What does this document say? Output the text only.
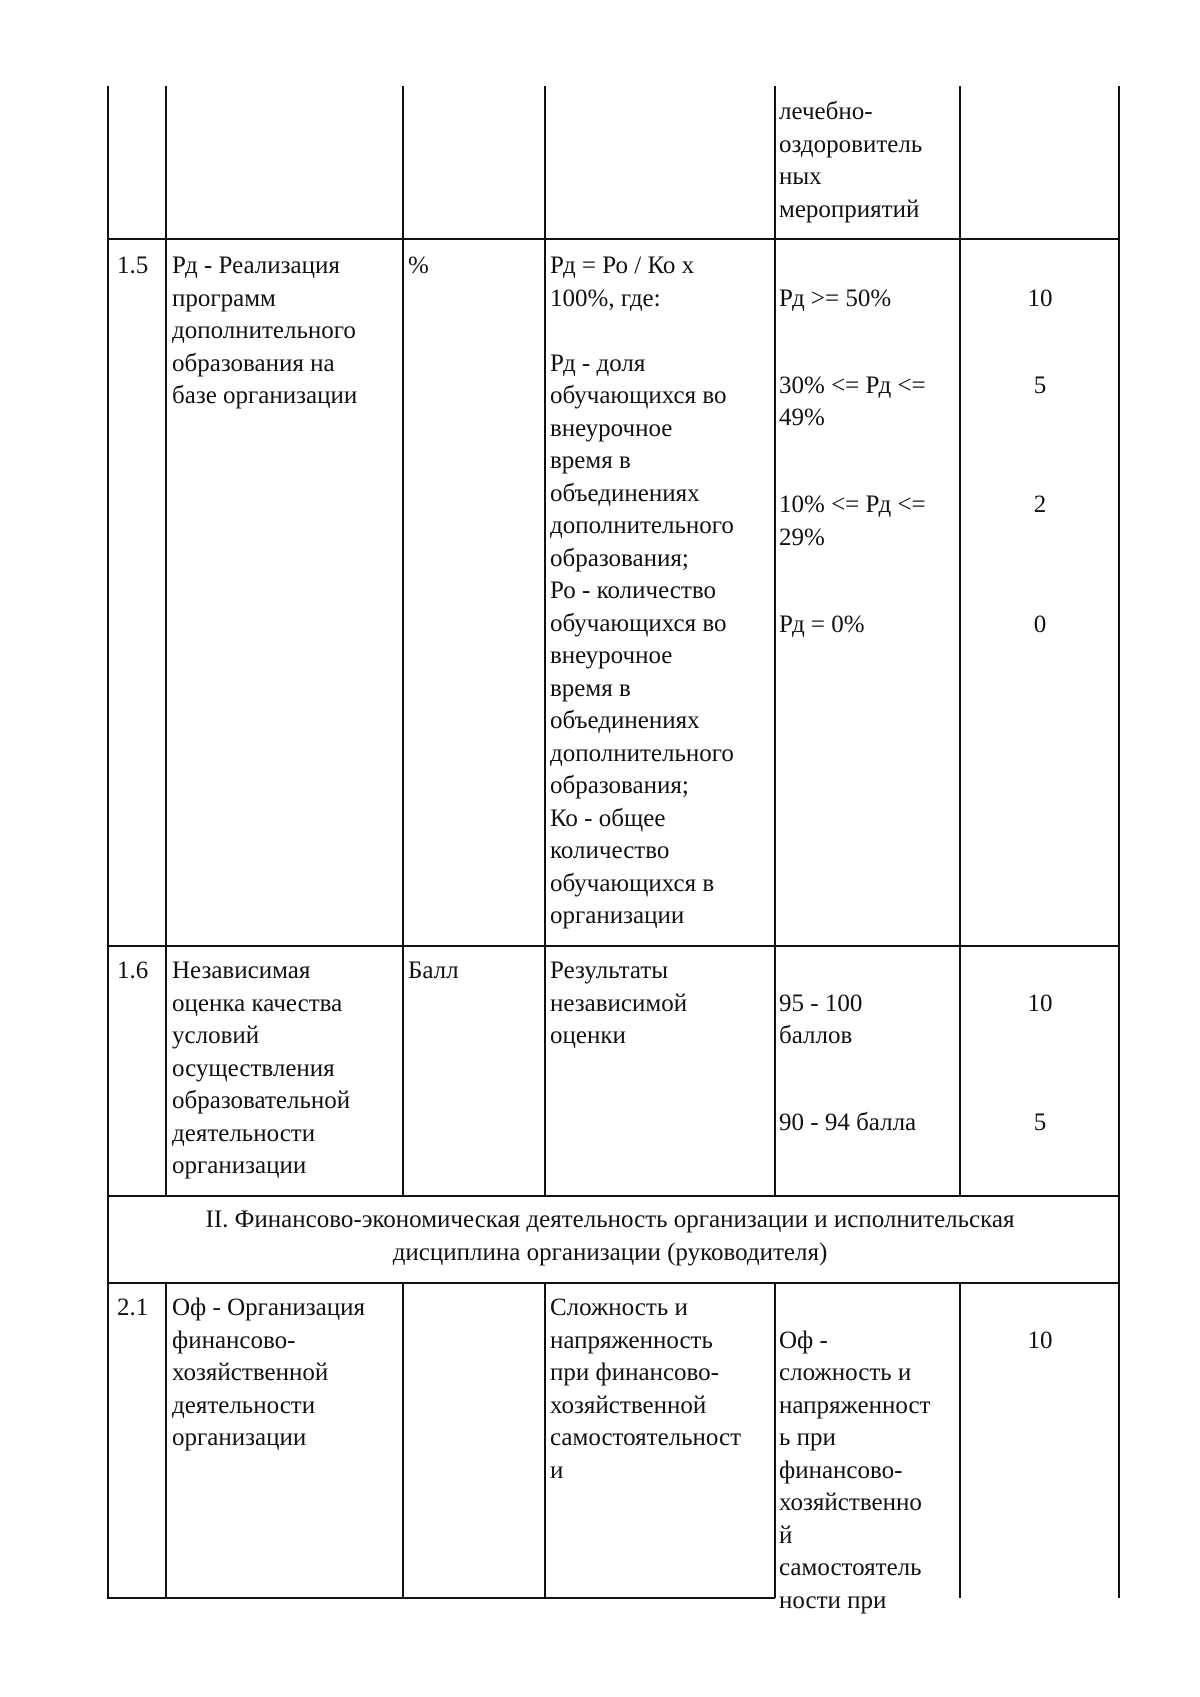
лечебно-
оздоровитель
ных
мероприятий
1.5 Рд - Реализация
программ
дополнительного
образования на
базе организации
%	Рд = Ро / Ко x
100%, где:

Рд - доля
обучающихся во
внеурочное
время в
объединениях
дополнительного
образования;
Ро - количество
обучающихся во
внеурочное
время в
объединениях
дополнительного
образования;
Ко - общее
количество
обучающихся в
организации

Рд >= 50%

30% <= Рд <=
49%

10% <= Рд <=
29%

Рд = 0%

10

5

2

0

1.6 Независимая
оценка качества
условий
осуществления
образовательной
деятельности
организации
Балл	Результаты
независимой
оценки

95 - 100
баллов

90 - 94 балла

10

5

II. Финансово-экономическая деятельность организации и исполнительская
дисциплина организации (руководителя)
2.1 Оф - Организация
финансово-
хозяйственной
деятельности
организации
Сложность и
напряженность
при финансово-
хозяйственной
самостоятельност
и

Оф -
сложность и
напряженност
ь при
финансово-
хозяйственно
й
самостоятель
ности при

10
